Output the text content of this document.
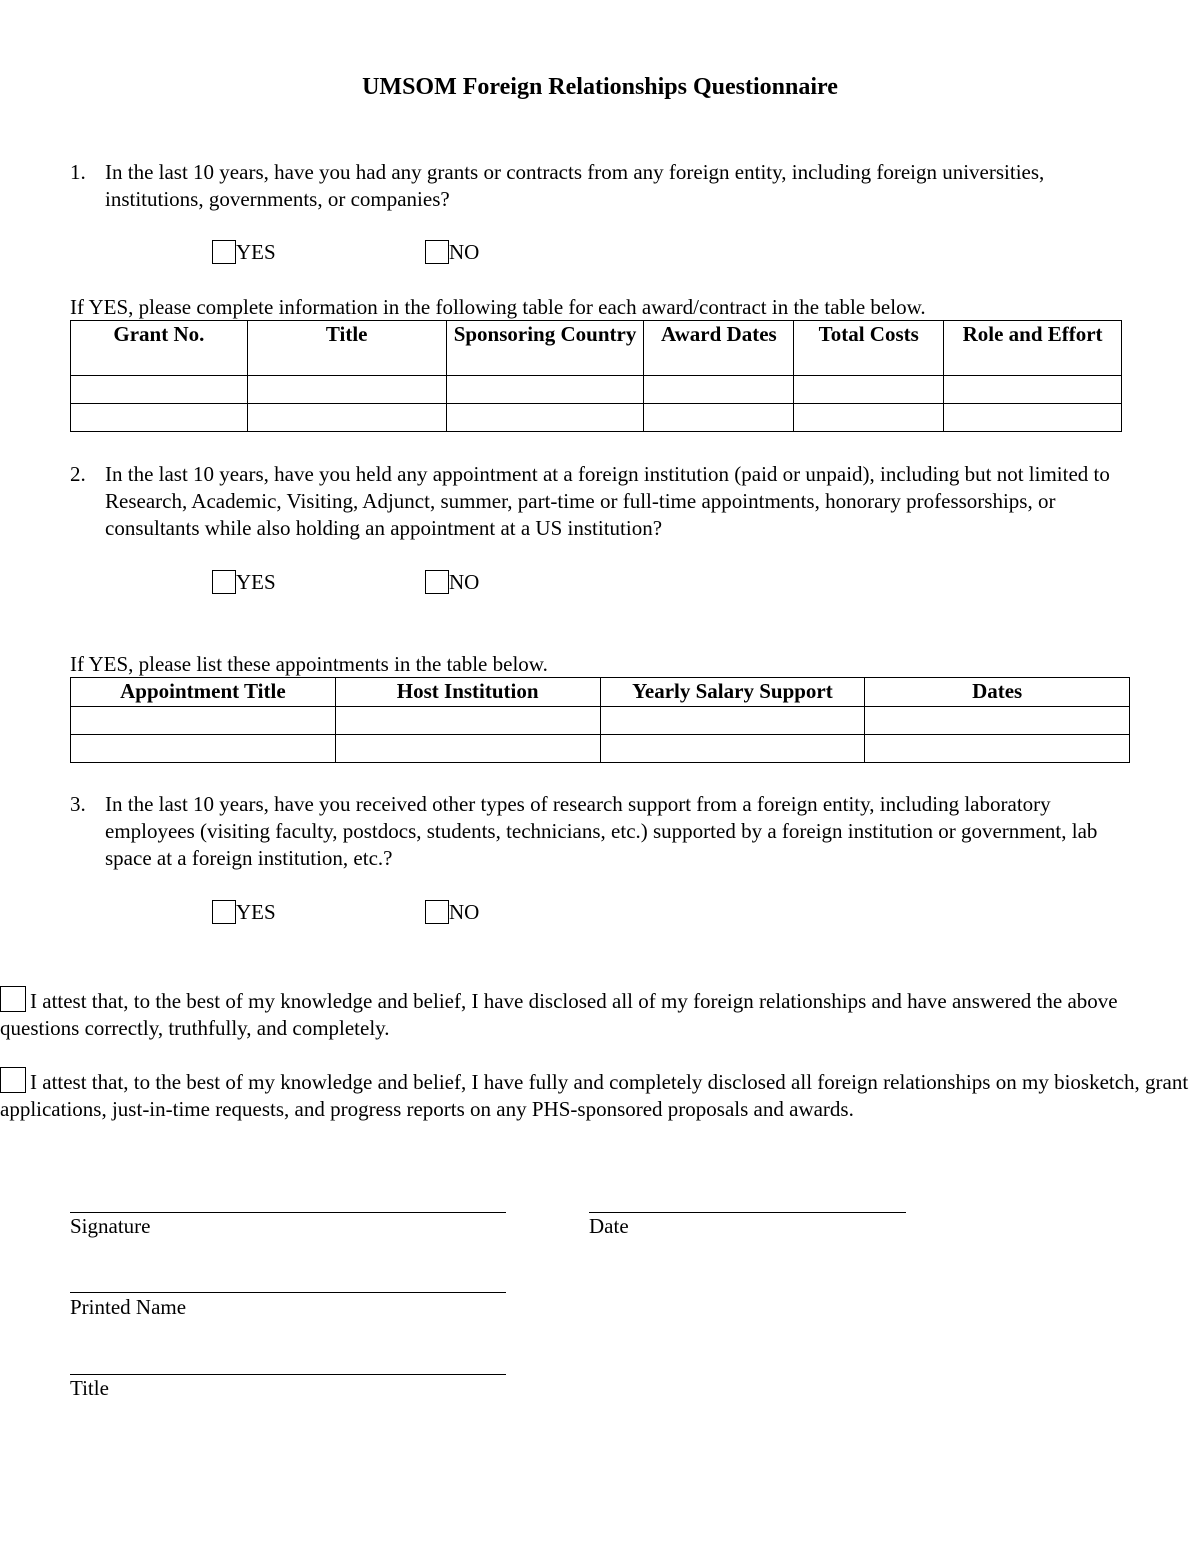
UMSOM Foreign Relationships Questionnaire
1. In the last 10 years, have you had any grants or contracts from any foreign entity, including foreign universities, institutions, governments, or companies?
YES	NO
If YES, please complete information in the following table for each award/contract in the table below.
Grant No.	Title	Sponsoring Country	Award Dates	Total Costs	Role and Effort

2. In the last 10 years, have you held any appointment at a foreign institution (paid or unpaid), including but not limited to Research, Academic, Visiting, Adjunct, summer, part-time or full-time appointments, honorary professorships, or consultants while also holding an appointment at a US institution?
YES	NO
If YES, please list these appointments in the table below.
Appointment Title	Host Institution	Yearly Salary Support	Dates

3. In the last 10 years, have you received other types of research support from a foreign entity, including laboratory employees (visiting faculty, postdocs, students, technicians, etc.) supported by a foreign institution or government, lab space at a foreign institution, etc.?
YES	NO
I attest that, to the best of my knowledge and belief, I have disclosed all of my foreign relationships and have answered the above questions correctly, truthfully, and completely.
I attest that, to the best of my knowledge and belief, I have fully and completely disclosed all foreign relationships on my biosketch, grant applications, just-in-time requests, and progress reports on any PHS-sponsored proposals and awards.
Signature	Date
Printed Name
Title
